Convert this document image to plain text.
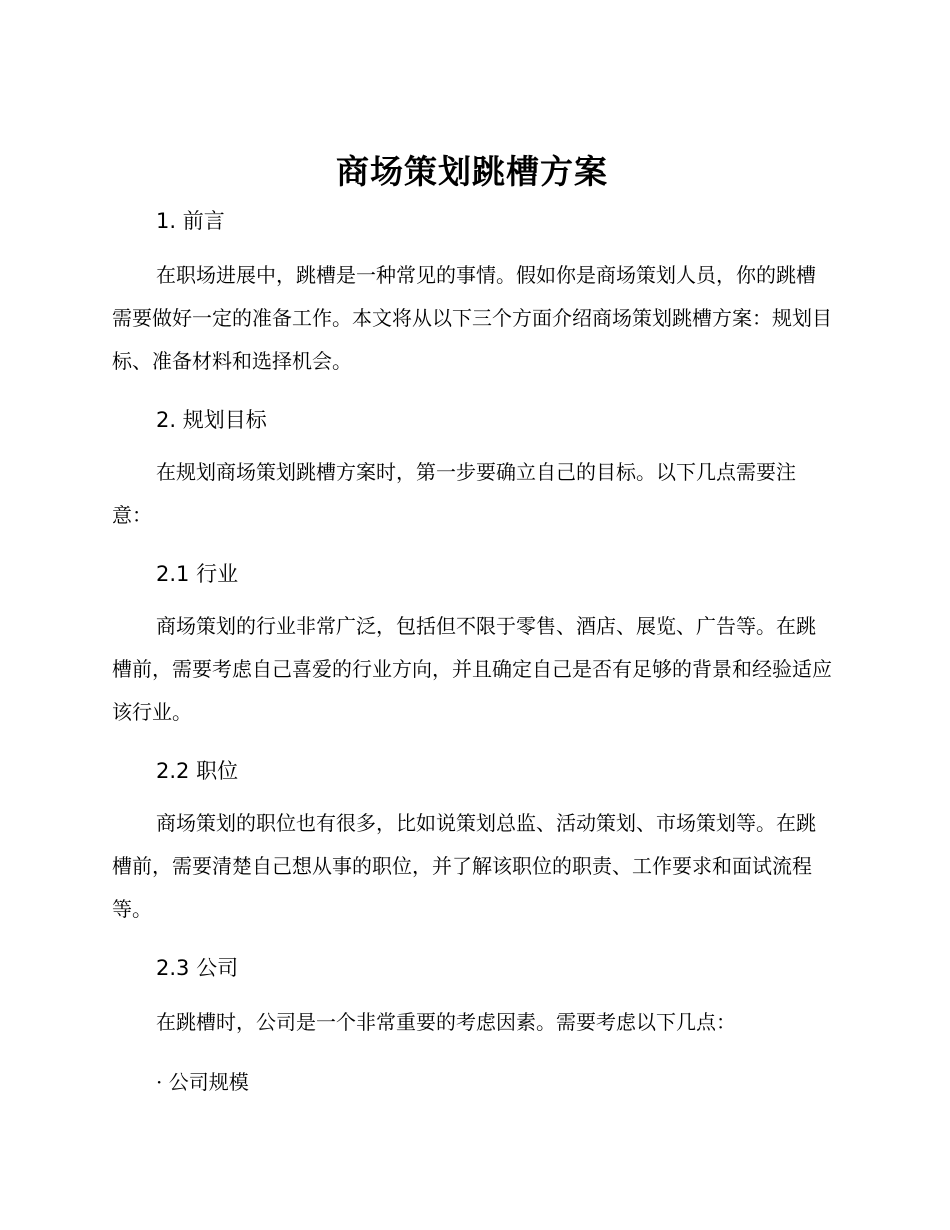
商场策划跳槽方案
1. 前言

在职场进展中，跳槽是一种常见的事情。假如你是商场策划人员，你的跳槽需要做好一定的准备工作。本文将从以下三个方面介绍商场策划跳槽方案：规划目标、准备材料和选择机会。

2. 规划目标

在规划商场策划跳槽方案时，第一步要确立自己的目标。以下几点需要注意：

2.1 行业

商场策划的行业非常广泛，包括但不限于零售、酒店、展览、广告等。在跳槽前，需要考虑自己喜爱的行业方向，并且确定自己是否有足够的背景和经验适应该行业。

2.2 职位

商场策划的职位也有很多，比如说策划总监、活动策划、市场策划等。在跳槽前，需要清楚自己想从事的职位，并了解该职位的职责、工作要求和面试流程等。

2.3 公司

在跳槽时，公司是一个非常重要的考虑因素。需要考虑以下几点：

· 公司规模
